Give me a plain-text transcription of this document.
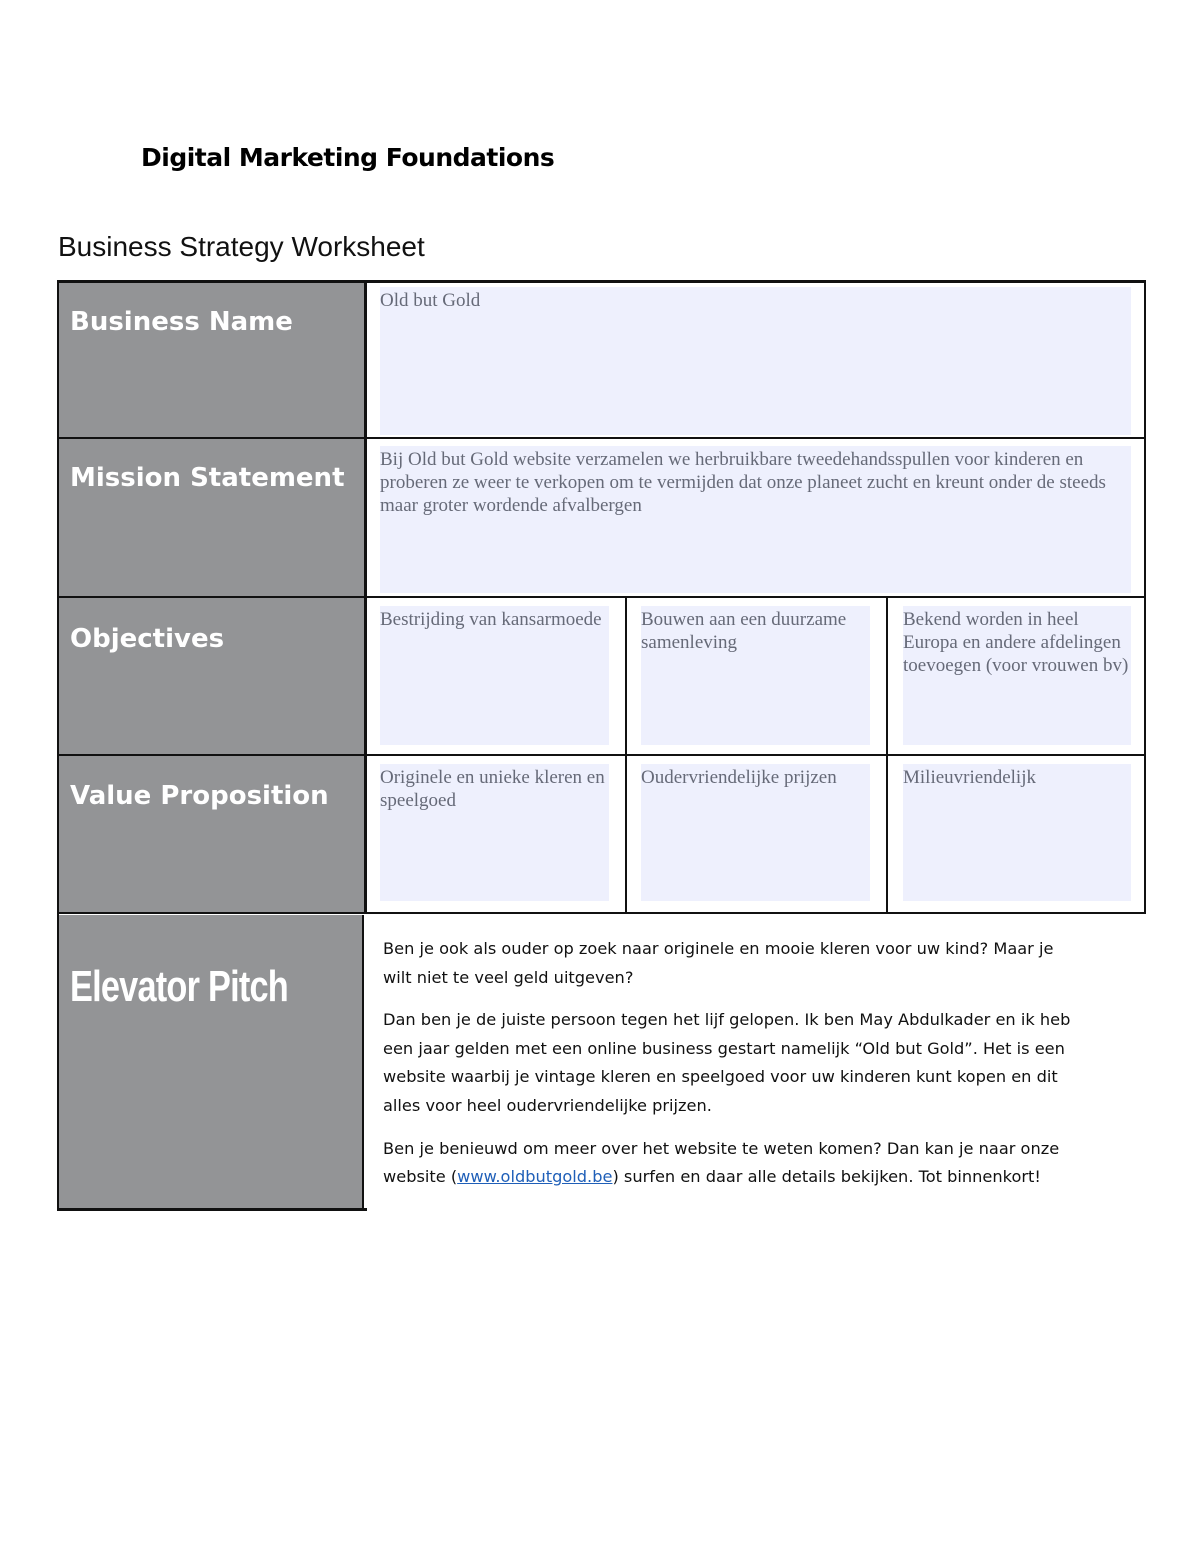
Digital Marketing Foundations
Business Strategy Worksheet
Business Name
Mission Statement
Objectives
Value Proposition
Elevator Pitch
Old but Gold
Bij Old but Gold website verzamelen we herbruikbare tweedehandsspullen voor kinderen en proberen ze weer te verkopen om te vermijden dat onze planeet zucht en kreunt onder de steeds maar groter wordende afvalbergen
Bestrijding van kansarmoede	Bouwen aan een duurzame samenleving
Bekend worden in heel Europa en andere afdelingen toevoegen (voor vrouwen bv)
Originele en unieke kleren en speelgoed
Oudervriendelijke prijzen	Milieuvriendelijk

Ben je ook als ouder op zoek naar originele en mooie kleren voor uw kind? Maar je wilt niet te veel geld uitgeven?

Dan ben je de juiste persoon tegen het lijf gelopen. Ik ben May Abdulkader en ik heb een jaar gelden met een online business gestart namelijk “Old but Gold”. Het is een website waarbij je vintage kleren en speelgoed voor uw kinderen kunt kopen en dit alles voor heel oudervriendelijke prijzen.

Ben je benieuwd om meer over het website te weten komen? Dan kan je naar onze website (www.oldbutgold.be) surfen en daar alle details bekijken. Tot binnenkort!
